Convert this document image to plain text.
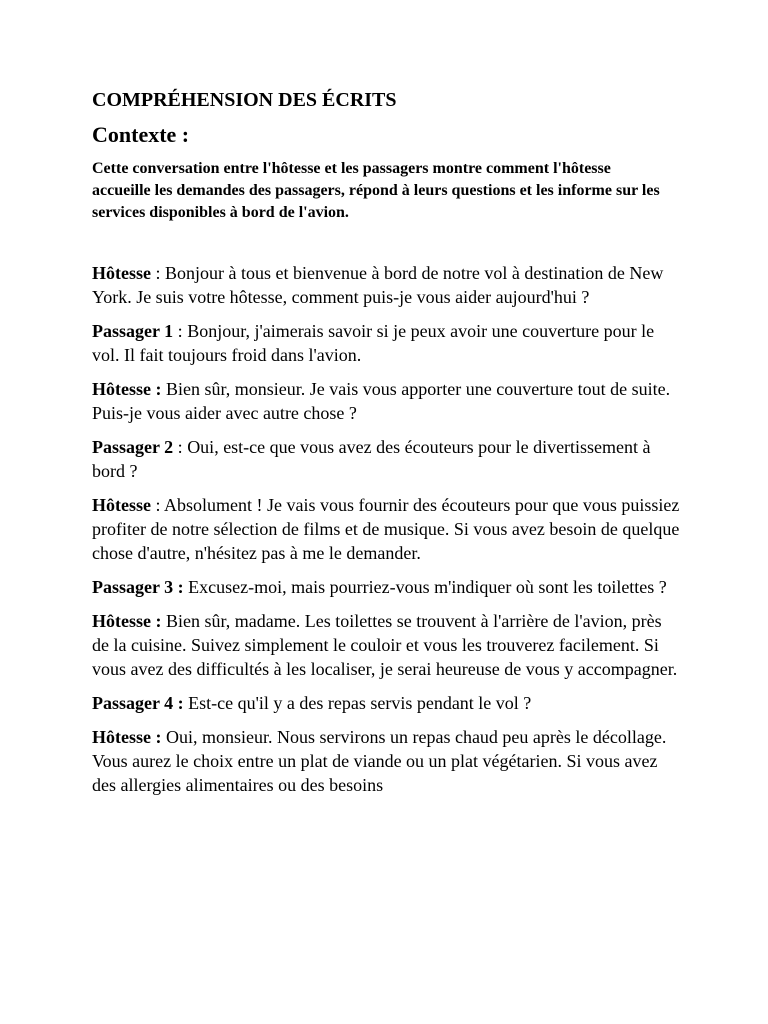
COMPRÉHENSION DES ÉCRITS
Contexte :

Cette conversation entre l'hôtesse et les passagers montre comment l'hôtesse accueille les demandes des passagers, répond à leurs questions et les informe sur les services disponibles à bord de l'avion.

Hôtesse : Bonjour à tous et bienvenue à bord de notre vol à destination de New York. Je suis votre hôtesse, comment puis-je vous aider aujourd'hui ?

Passager 1 : Bonjour, j'aimerais savoir si je peux avoir une couverture pour le vol. Il fait toujours froid dans l'avion.

Hôtesse : Bien sûr, monsieur. Je vais vous apporter une couverture tout de suite. Puis-je vous aider avec autre chose ?

Passager 2 : Oui, est-ce que vous avez des écouteurs pour le divertissement à bord ?

Hôtesse : Absolument ! Je vais vous fournir des écouteurs pour que vous puissiez profiter de notre sélection de films et de musique. Si vous avez besoin de quelque chose d'autre, n'hésitez pas à me le demander.

Passager 3 : Excusez-moi, mais pourriez-vous m'indiquer où sont les toilettes ?

Hôtesse : Bien sûr, madame. Les toilettes se trouvent à l'arrière de l'avion, près de la cuisine. Suivez simplement le couloir et vous les trouverez facilement. Si vous avez des difficultés à les localiser, je serai heureuse de vous y accompagner.

Passager 4 : Est-ce qu'il y a des repas servis pendant le vol ?

Hôtesse : Oui, monsieur. Nous servirons un repas chaud peu après le décollage. Vous aurez le choix entre un plat de viande ou un plat végétarien. Si vous avez des allergies alimentaires ou des besoins
